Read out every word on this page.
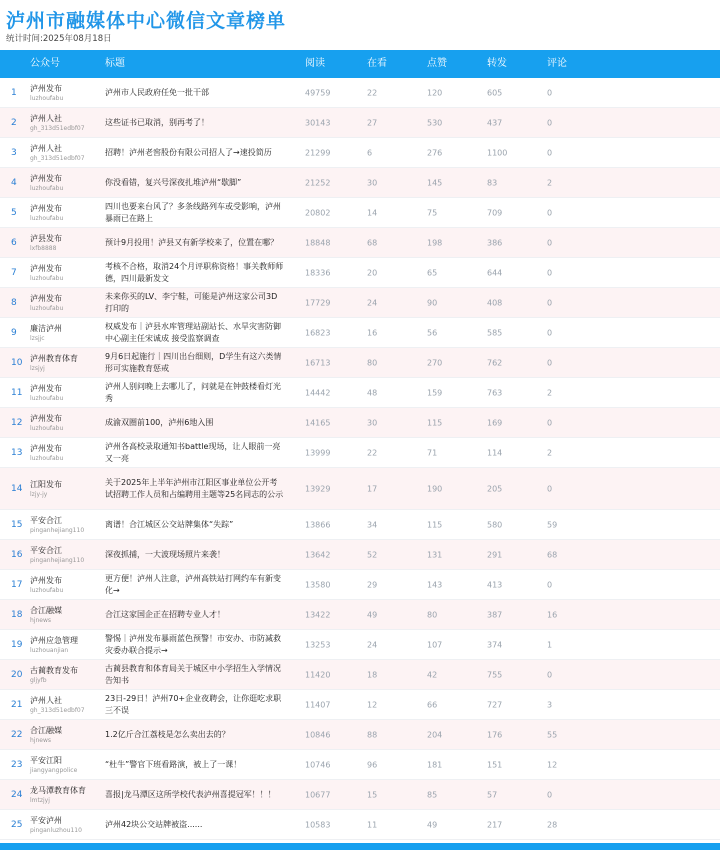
泸州市融媒体中心微信文章榜单
统计时间:2025年08月18日
公众号	标题	阅读	在看	点赞	转发	评论
1 泸州发布
luzhoufabu
泸州市人民政府任免一批干部	49759	22	120	605	0
2 泸州人社
gh_313d51edbf07
这些证书已取消，别再考了！	30143	27	530	437	0
3 泸州人社
gh_313d51edbf07
招聘！泸州老窖股份有限公司招人了→速投简历	21299	6	276	1100	0
4 泸州发布
luzhoufabu
你没看错，复兴号深夜扎堆泸州“歇脚”	21252	30	145	83	2
5 泸州发布
luzhoufabu
四川也要来台风了？多条线路列车或受影响，泸州暴雨已在路上
20802	14	75	709	0
6 泸县发布
lxfb8888
预计9月投用！泸县又有新学校来了，位置在哪？	18848	68	198	386	0
7 泸州发布
luzhoufabu
考核不合格，取消24个月评职称资格！事关教师师德，四川最新发文
18336	20	65	644	0
8 泸州发布
luzhoufabu
未来你买的LV、李宁鞋，可能是泸州这家公司3D打印的
17729	24	90	408	0
9 廉洁泸州
lzsjjc
权威发布｜泸县水库管理站副站长、水旱灾害防御中心副主任宋诚成 接受监察调查
16823	16	56	585	0
10 泸州教育体育
lzsjyj
9月6日起施行｜四川出台细则，D学生有这六类情形可实施教育惩戒
16713	80	270	762	0
11 泸州发布
luzhoufabu
泸州人别问晚上去哪儿了，问就是在钟鼓楼看灯光秀
14442	48	159	763	2
12 泸州发布
luzhoufabu
成渝双圈前100，泸州6地入围	14165	30	115	169	0
13 泸州发布
luzhoufabu
泸州各高校录取通知书battle现场，让人眼前一亮又一亮
13999	22	71	114	2
14 江阳发布
lzjy-jy
关于2025年上半年泸州市江阳区事业单位公开考试招聘工作人员和占编聘用主题等25名同志的公示
13929	17	190	205	0
15 平安合江
pinganhejiang110
离谱！合江城区公交站牌集体“失踪”	13866	34	115	580	59
16 平安合江
pinganhejiang110
深夜抓捕，一大波现场照片来袭！	13642	52	131	291	68
17 泸州发布
luzhoufabu
更方便！泸州人注意，泸州高铁站打网约车有新变化→
13580	29	143	413	0
18 合江融媒
hjnews
合江这家国企正在招聘专业人才！	13422	49	80	387	16
19 泸州应急管理
luzhouanjian
警惕｜泸州发布暴雨蓝色预警！市安办、市防减救灾委办联合提示→
13253	24	107	374	1
20 古蔺教育发布
gljyfb
古蔺县教育和体育局关于城区中小学招生入学情况告知书
11420	18	42	755	0
21 泸州人社
gh_313d51edbf07
23日-29日！泸州70+企业夜聘会，让你逛吃求职三不误
11407	12	66	727	3
22 合江融媒
hjnews
1.2亿斤合江荔枝是怎么卖出去的？	10846	88	204	176	55
23 平安江阳
jiangyangpolice
“杜牛”警官下班看路演，被上了一课！	10746	96	181	151	12
24 龙马潭教育体育
lmtzjyj
喜报|龙马潭区这所学校代表泸州喜提冠军！！！	10677	15	85	57	0
25 平安泸州
pinganluzhou110
泸州42块公交站牌被盗......	10583	11	49	217	28
